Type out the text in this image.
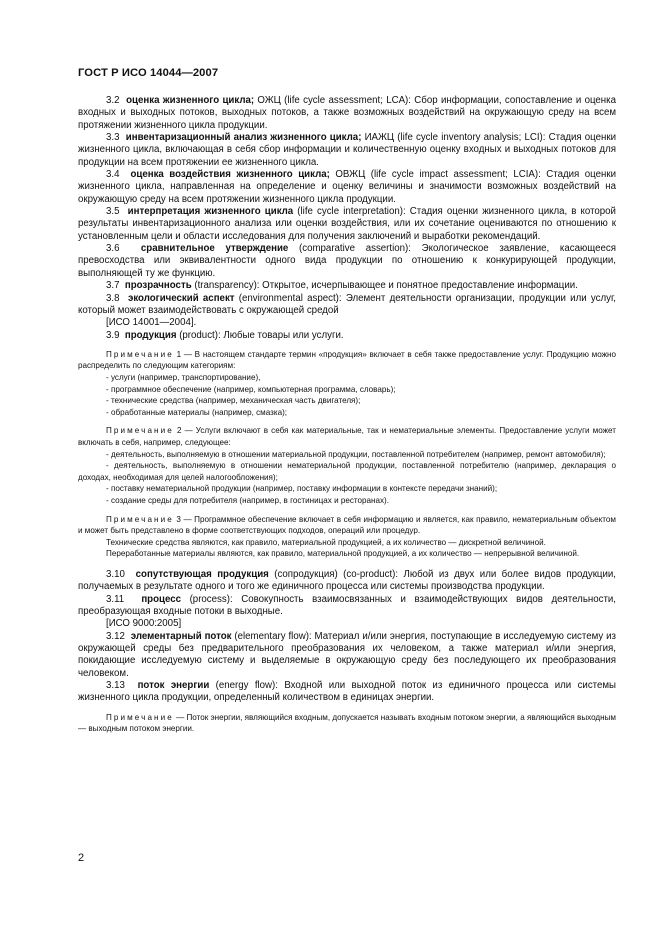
ГОСТ Р ИСО 14044—2007

3.2 оценка жизненного цикла; ОЖЦ (life cycle assessment; LCA): Сбор информации, сопоставление и оценка входных и выходных потоков, выходных потоков, а также возможных воздействий на окружающую среду на всем протяжении жизненного цикла продукции.

3.3 инвентаризационный анализ жизненного цикла; ИАЖЦ (life cycle inventory analysis; LCI): Стадия оценки жизненного цикла, включающая в себя сбор информации и количественную оценку входных и выходных потоков для продукции на всем протяжении ее жизненного цикла.

3.4 оценка воздействия жизненного цикла; ОВЖЦ (life cycle impact assessment; LCIA): Стадия оценки жизненного цикла, направленная на определение и оценку величины и значимости возможных воздействий на окружающую среду на всем протяжении жизненного цикла продукции.

3.5 интерпретация жизненного цикла (life cycle interpretation): Стадия оценки жизненного цикла, в которой результаты инвентаризационного анализа или оценки воздействия, или их сочетание оцениваются по отношению к установленным цели и области исследования для получения заключений и выработки рекомендаций.

3.6 сравнительное утверждение (comparative assertion): Экологическое заявление, касающееся превосходства или эквивалентности одного вида продукции по отношению к конкурирующей продукции, выполняющей ту же функцию.

3.7 прозрачность (transparency): Открытое, исчерпывающее и понятное предоставление информации.

3.8 экологический аспект (environmental aspect): Элемент деятельности организации, продукции или услуг, который может взаимодействовать с окружающей средой

[ИСО 14001—2004].

3.9 продукция (product): Любые товары или услуги.

Примечание 1 — В настоящем стандарте термин «продукция» включает в себя также предоставление услуг. Продукцию можно распределить по следующим категориям:

- услуги (например, транспортирование),

- программное обеспечение (например, компьютерная программа, словарь);

- технические средства (например, механическая часть двигателя);

- обработанные материалы (например, смазка);

Примечание 2 — Услуги включают в себя как материальные, так и нематериальные элементы. Предоставление услуги может включать в себя, например, следующее:

- деятельность, выполняемую в отношении материальной продукции, поставленной потребителем (например, ремонт автомобиля);

- деятельность, выполняемую в отношении нематериальной продукции, поставленной потребителю (например, декларация о доходах, необходимая для целей налогообложения);

- поставку нематериальной продукции (например, поставку информации в контексте передачи знаний);

- создание среды для потребителя (например, в гостиницах и ресторанах).

Примечание 3 — Программное обеспечение включает в себя информацию и является, как правило, нематериальным объектом и может быть представлено в форме соответствующих подходов, операций или процедур.

Технические средства являются, как правило, материальной продукцией, а их количество — дискретной величиной.

Переработанные материалы являются, как правило, материальной продукцией, а их количество — непрерывной величиной.

3.10 сопутствующая продукция (сопродукция) (co-product): Любой из двух или более видов продукции, получаемых в результате одного и того же единичного процесса или системы производства продукции.

3.11 процесс (process): Совокупность взаимосвязанных и взаимодействующих видов деятельности, преобразующая входные потоки в выходные.

[ИСО 9000:2005]

3.12 элементарный поток (elementary flow): Материал и/или энергия, поступающие в исследуемую систему из окружающей среды без предварительного преобразования их человеком, а также материал и/или энергия, покидающие исследуемую систему и выделяемые в окружающую среду без последующего их преобразования человеком.

3.13 поток энергии (energy flow): Входной или выходной поток из единичного процесса или системы жизненного цикла продукции, определенный количеством в единицах энергии.

Примечание — Поток энергии, являющийся входным, допускается называть входным потоком энергии, а являющийся выходным — выходным потоком энергии.

2
